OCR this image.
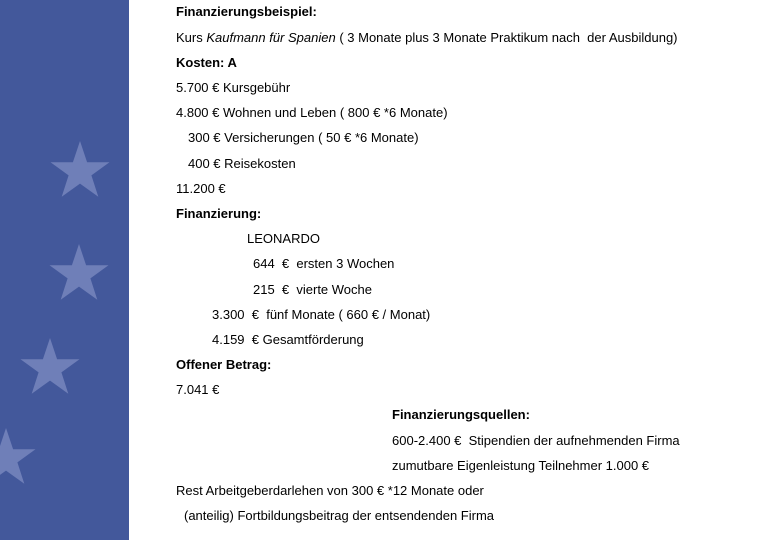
Finanzierungsbeispiel:
Kurs Kaufmann für Spanien ( 3 Monate plus 3 Monate Praktikum nach  der Ausbildung)
Kosten: A
5.700 € Kursgebühr
4.800 € Wohnen und Leben ( 800 € *6 Monate)
300 € Versicherungen ( 50 € *6 Monate)
400 € Reisekosten
11.200 €
Finanzierung:
LEONARDO
644  €  ersten 3 Wochen
215  €  vierte Woche
3.300  €  fünf Monate ( 660 € / Monat)
4.159  € Gesamtförderung
Offener Betrag:
7.041 €
Finanzierungsquellen:
600-2.400 €  Stipendien der aufnehmenden Firma
zumutbare Eigenleistung Teilnehmer 1.000 €
Rest Arbeitgeberdarlehen von 300 € *12 Monate oder
(anteilig) Fortbildungsbeitrag der entsendenden Firma
